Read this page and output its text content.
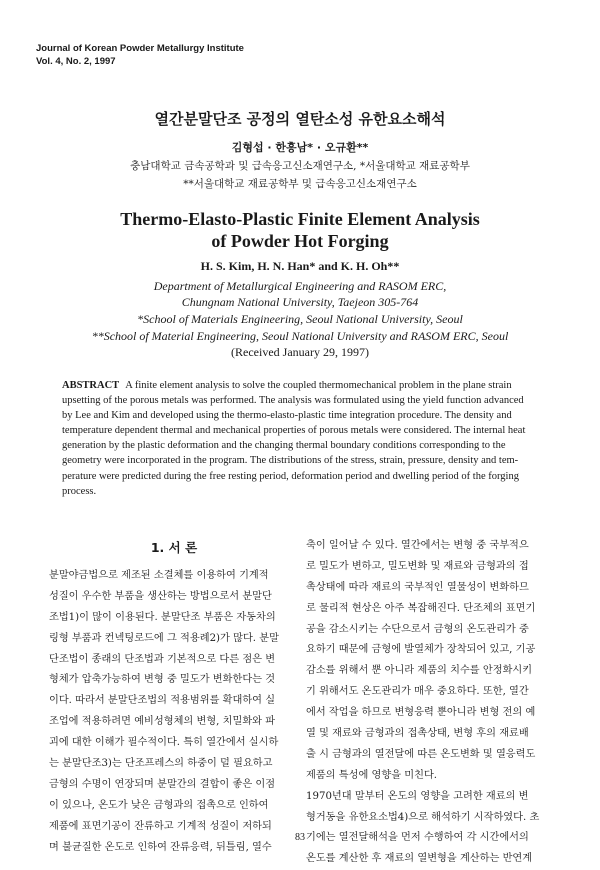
Journal of Korean Powder Metallurgy Institute
Vol. 4, No. 2, 1997
열간분말단조 공정의 열탄소성 유한요소해석
김형섭 · 한흥남* · 오규환**
충남대학교 금속공학과 및 급속응고신소재연구소, *서울대학교 재료공학부
**서울대학교 재료공학부 및 급속응고신소재연구소
Thermo-Elasto-Plastic Finite Element Analysis
of Powder Hot Forging
H. S. Kim, H. N. Han* and K. H. Oh**
Department of Metallurgical Engineering and RASOM ERC,
Chungnam National University, Taejeon 305-764
*School of Materials Engineering, Seoul National University, Seoul
**School of Material Engineering, Seoul National University and RASOM ERC, Seoul
(Received January 29, 1997)
ABSTRACT A finite element analysis to solve the coupled thermomechanical problem in the plane strain
upsetting of the porous metals was performed. The analysis was formulated using the yield function advanced
by Lee and Kim and developed using the thermo-elasto-plastic time integration procedure. The density and
temperature dependent thermal and mechanical properties of porous metals were considered. The internal heat
generation by the plastic deformation and the changing thermal boundary conditions corresponding to the
geometry were incorporated in the program. The distributions of the stress, strain, pressure, density and tem-
perature were predicted during the free resting period, deformation period and dwelling period of the forging
process.
1. 서 론
분말야금법으로 제조된 소결체를 이용하여 기계적
성질이 우수한 부품을 생산하는 방법으로서 분말단
조법1)이 많이 이용된다. 분말단조 부품은 자동차의
링형 부품과 컨넥팅로드에 그 적용례2)가 많다. 분말
단조법이 종래의 단조법과 기본적으로 다른 점은 변
형체가 압축가능하여 변형 중 밀도가 변화한다는 것
이다. 따라서 분말단조법의 적용범위를 확대하여 실
조업에 적용하려면 예비성형체의 변형, 치밀화와 파
괴에 대한 이해가 필수적이다. 특히 열간에서 실시하
는 분말단조3)는 단조프레스의 하중이 덜 필요하고
금형의 수명이 연장되며 분말간의 결합이 좋은 이점
이 있으나, 온도가 낮은 금형과의 접촉으로 인하여
제품에 표면기공이 잔류하고 기계적 성질이 저하되
며 불균질한 온도로 인하여 잔류응력, 뒤틀림, 열수
축이 일어날 수 있다. 열간에서는 변형 중 국부적으
로 밀도가 변하고, 밀도변화 및 재료와 금형과의 접
촉상태에 따라 재료의 국부적인 열물성이 변화하므
로 물리적 현상은 아주 복잡해진다. 단조체의 표면기
공을 감소시키는 수단으로서 금형의 온도관리가 중
요하기 때문에 금형에 발열체가 장착되어 있고, 기공
감소를 위해서 뿐 아니라 제품의 치수를 안정화시키
기 위해서도 온도관리가 매우 중요하다. 또한, 열간
에서 작업을 하므로 변형응력 뿐아니라 변형 전의 예
열 및 재료와 금형과의 접촉상태, 변형 후의 재료배
출 시 금형과의 열전달에 따른 온도변화 및 열응력도
제품의 특성에 영향을 미친다.
1970년대 말부터 온도의 영향을 고려한 재료의 변
형거동을 유한요소법4)으로 해석하기 시작하였다. 초
기에는 열전달해석을 먼저 수행하여 각 시간에서의
온도를 계산한 후 재료의 열변형을 계산하는 반연계
83
